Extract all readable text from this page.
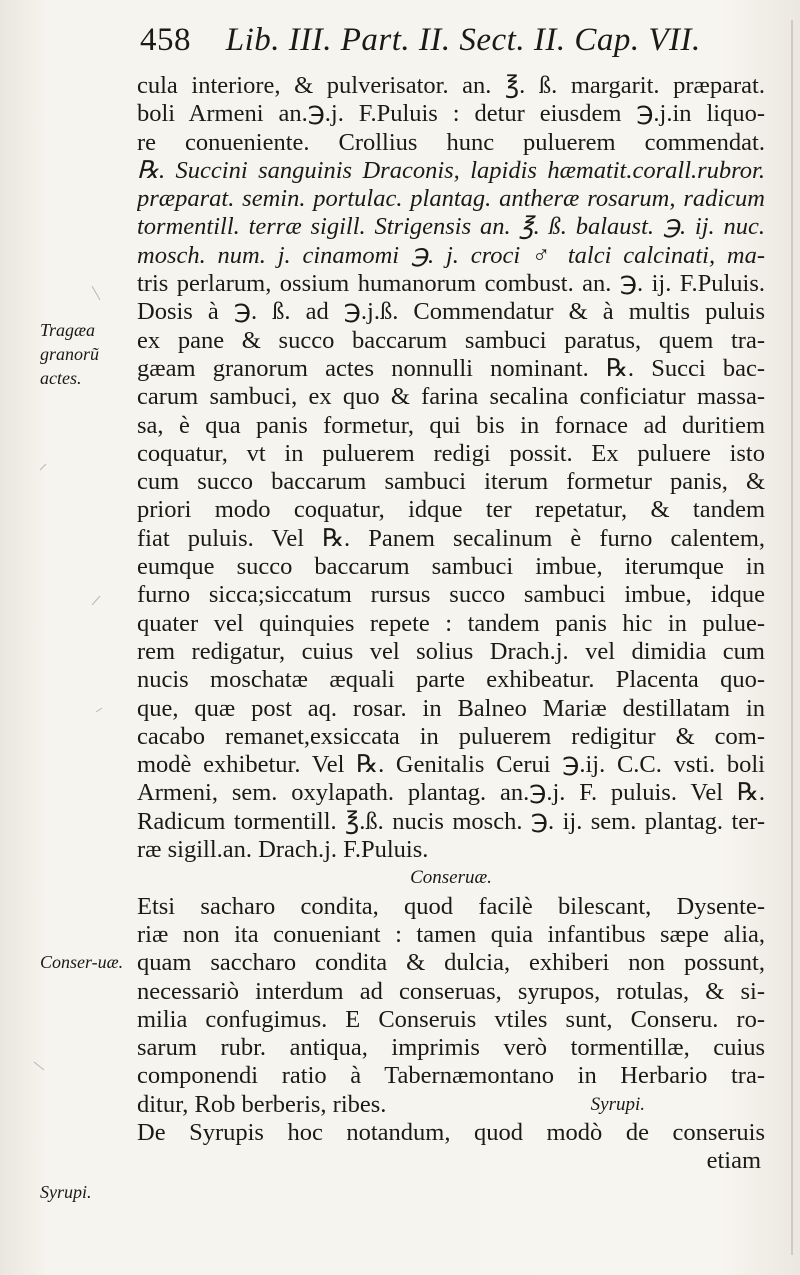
458 Lib. III. Part. II. Sect. II. Cap. VII.
Tragæa granorũ actes.
Conser-uæ.
Syrupi.
cula interiore, & pulverisator. an. ℥. ß. margarit. præparat.
boli Armeni an.℈.j. F.Puluis : detur eiusdem ℈.j.in liquo-
re conueniente. Crollius hunc puluerem commendat.
℞. Succini sanguinis Draconis, lapidis hæmatit.corall.rubror.
præparat. semin. portulac. plantag. antheræ rosarum, radicum
tormentill. terræ sigill. Strigensis an. ℥. ß. balaust. ℈. ij. nuc.
mosch. num. j. cinamomi ℈. j. croci ♂ talci calcinati, ma-
tris perlarum, ossium humanorum combust. an. ℈. ij. F.Puluis.
Dosis à ℈. ß. ad ℈.j.ß. Commendatur & à multis puluis
ex pane & succo baccarum sambuci paratus, quem tra-
gæam granorum actes nonnulli nominant. ℞. Succi bac-
carum sambuci, ex quo & farina secalina conficiatur massa-
sa, è qua panis formetur, qui bis in fornace ad duritiem
coquatur, vt in puluerem redigi possit. Ex puluere isto
cum succo baccarum sambuci iterum formetur panis, &
priori modo coquatur, idque ter repetatur, & tandem
fiat puluis. Vel ℞. Panem secalinum è furno calentem,
eumque succo baccarum sambuci imbue, iterumque in
furno sicca;siccatum rursus succo sambuci imbue, idque
quater vel quinquies repete : tandem panis hic in pulue-
rem redigatur, cuius vel solius Drach.j. vel dimidia cum
nucis moschatæ æquali parte exhibeatur. Placenta quo-
que, quæ post aq. rosar. in Balneo Mariæ destillatam in
cacabo remanet,exsiccata in puluerem redigitur & com-
modè exhibetur. Vel ℞. Genitalis Cerui ℈.ij. C.C. vsti. boli
Armeni, sem. oxylapath. plantag. an.℈.j. F. puluis. Vel ℞.
Radicum tormentill. ℥.ß. nucis mosch. ℈. ij. sem. plantag. ter-
ræ sigill.an. Drach.j. F.Puluis.
Conseruæ.
Etsi sacharo condita, quod facilè bilescant, Dysente-
riæ non ita conueniant : tamen quia infantibus sæpe alia,
quam saccharo condita & dulcia, exhiberi non possunt,
necessariò interdum ad conseruas, syrupos, rotulas, & si-
milia confugimus. E Conseruis vtiles sunt, Conseru. ro-
sarum rubr. antiqua, imprimis verò tormentillæ, cuius
componendi ratio à Tabernæmontano in Herbario tra-
ditur, Rob berberis, ribes.	Syrupi.
De Syrupis hoc notandum, quod modò de conseruis
etiam
